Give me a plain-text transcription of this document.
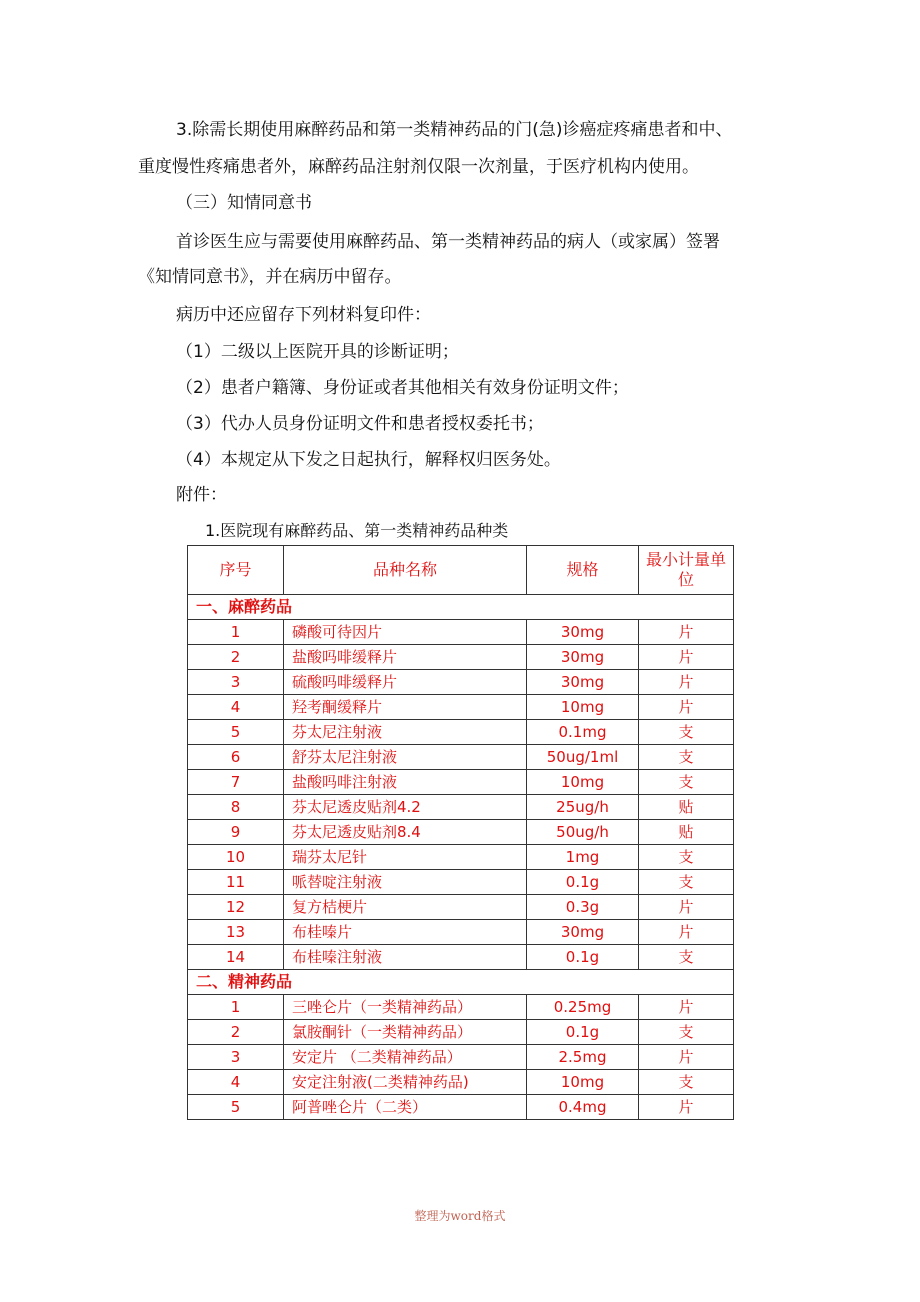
3.除需长期使用麻醉药品和第一类精神药品的门(急)诊癌症疼痛患者和中、
重度慢性疼痛患者外，麻醉药品注射剂仅限一次剂量，于医疗机构内使用。
（三）知情同意书
首诊医生应与需要使用麻醉药品、第一类精神药品的病人（或家属）签署
《知情同意书》，并在病历中留存。
病历中还应留存下列材料复印件：
（1）二级以上医院开具的诊断证明；
（2）患者户籍簿、身份证或者其他相关有效身份证明文件；
（3）代办人员身份证明文件和患者授权委托书；
（4）本规定从下发之日起执行，解释权归医务处。
附件：
1.医院现有麻醉药品、第一类精神药品种类
序号	品种名称	规格	最小计量单位
一、麻醉药品			
1	磷酸可待因片	30mg	片
2	盐酸吗啡缓释片	30mg	片
3	硫酸吗啡缓释片	30mg	片
4	羟考酮缓释片	10mg	片
5	芬太尼注射液	0.1mg	支
6	舒芬太尼注射液	50ug/1ml	支
7	盐酸吗啡注射液	10mg	支
8	芬太尼透皮贴剂4.2	25ug/h	贴
9	芬太尼透皮贴剂8.4	50ug/h	贴
10	瑞芬太尼针	1mg	支
11	哌替啶注射液	0.1g	支
12	复方桔梗片	0.3g	片
13	布桂嗪片	30mg	片
14	布桂嗪注射液	0.1g	支
二、精神药品			
1	三唑仑片（一类精神药品）	0.25mg	片
2	氯胺酮针（一类精神药品）	0.1g	支
3	安定片 （二类精神药品）	2.5mg	片
4	安定注射液(二类精神药品)	10mg	支
5	阿普唑仑片（二类）	0.4mg	片
整理为word格式
